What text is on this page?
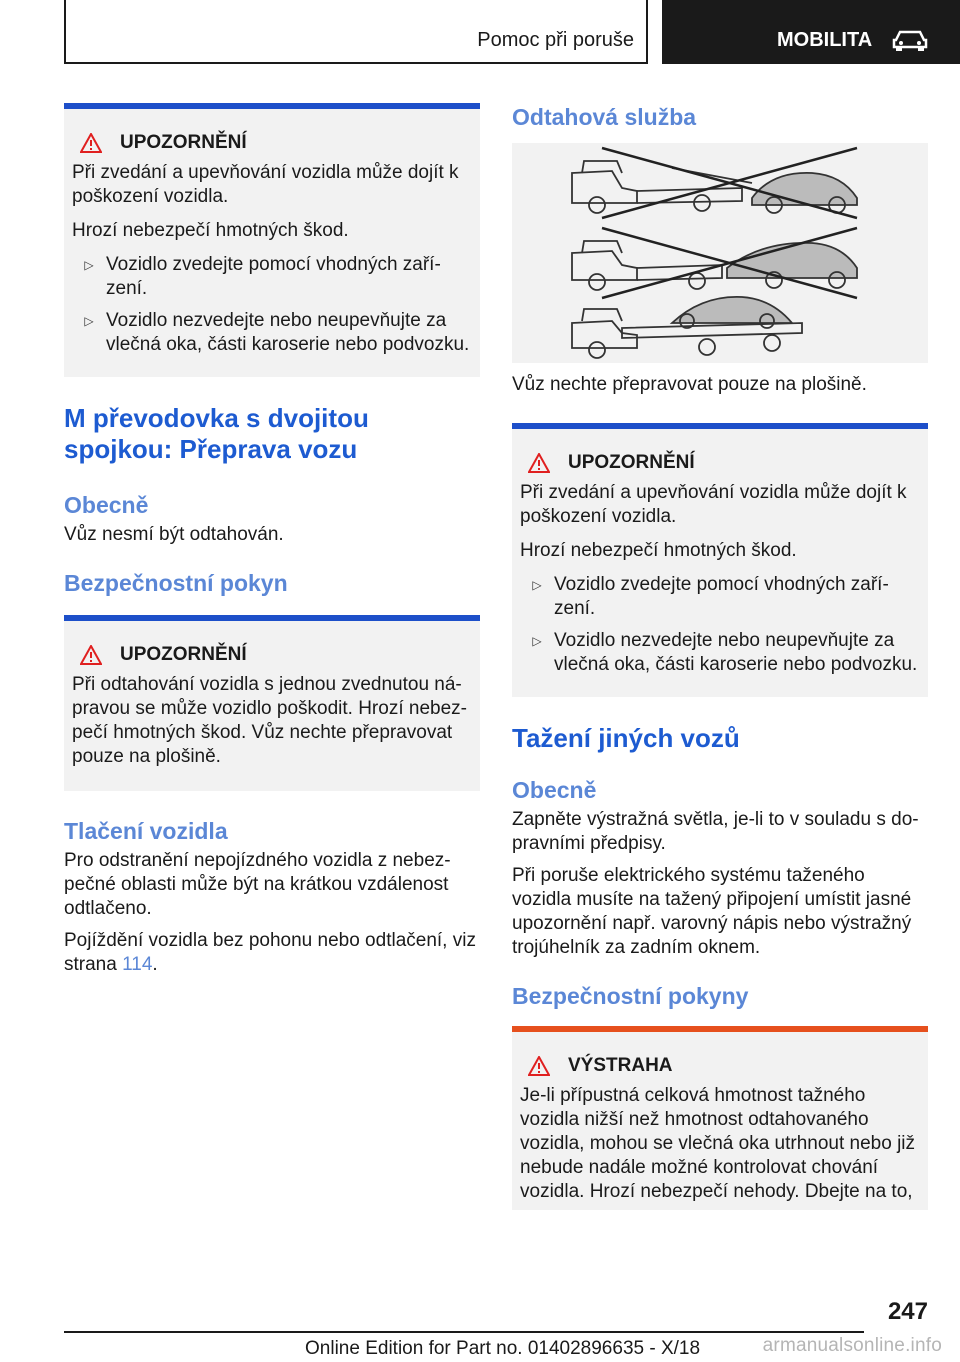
Pomoc při poruše	MOBILITA
UPOZORNĚNÍ

Při zvedání a upevňování vozidla může dojít k poškození vozidla.

Hrozí nebezpečí hmotných škod.

▷ Vozidlo zvedejte pomocí vhodných zaří‐ zení.
▷ Vozidlo nezvedejte nebo neupevňujte za vlečná oka, části karoserie nebo podvozku.
M převodovka s dvojitou spojkou: Přeprava vozu
Obecně

Vůz nesmí být odtahován.

Bezpečnostní pokyn
UPOZORNĚNÍ

Při odtahování vozidla s jednou zvednutou ná‐ pravou se může vozidlo poškodit. Hrozí nebez‐ pečí hmotných škod. Vůz nechte přepravovat pouze na plošině.

Tlačení vozidla

Pro odstranění nepojízdného vozidla z nebez‐ pečné oblasti může být na krátkou vzdálenost odtlačeno.

Pojíždění vozidla bez pohonu nebo odtlačení, viz strana 114.

Odtahová služba

Vůz nechte přepravovat pouze na plošině.

UPOZORNĚNÍ

Při zvedání a upevňování vozidla může dojít k poškození vozidla.

Hrozí nebezpečí hmotných škod.

▷ Vozidlo zvedejte pomocí vhodných zaří‐ zení.
▷ Vozidlo nezvedejte nebo neupevňujte za vlečná oka, části karoserie nebo podvozku.
Tažení jiných vozů
Obecně

Zapněte výstražná světla, je-li to v souladu s do‐ pravními předpisy.

Při poruše elektrického systému taženého vozidla musíte na tažený připojení umístit jasné upozornění např. varovný nápis nebo výstražný trojúhelník za zadním oknem.

Bezpečnostní pokyny
VÝSTRAHA

Je-li přípustná celková hmotnost tažného vozidla nižší než hmotnost odtahovaného vozidla, mohou se vlečná oka utrhnout nebo již nebude nadále možné kontrolovat chování vozidla. Hrozí nebezpečí nehody. Dbejte na to,

247
Online Edition for Part no. 01402896635 - X/18	armanualsonline.info
